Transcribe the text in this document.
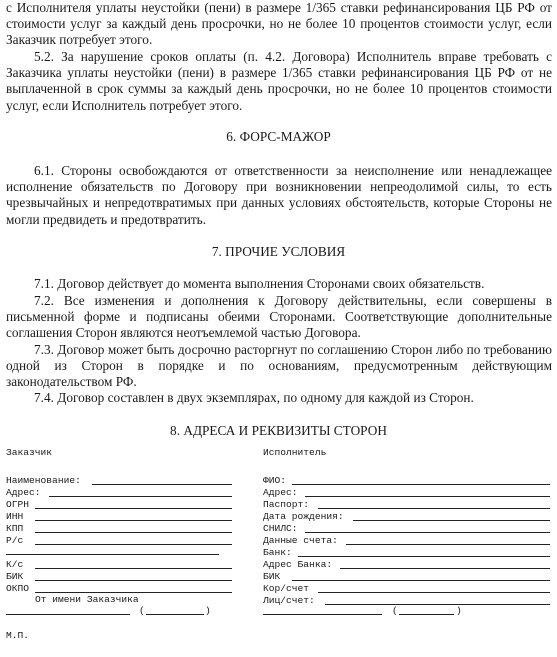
с Исполнителя уплаты неустойки (пени) в размере 1/365 ставки рефинансирования ЦБ РФ от стоимости услуг за каждый день просрочки, но не более 10 процентов стоимости услуг, если Заказчик потребует этого.

5.2. За нарушение сроков оплаты (п. 4.2. Договора) Исполнитель вправе требовать с Заказчика уплаты неустойки (пени) в размере 1/365 ставки рефинансирования ЦБ РФ от не выплаченной в срок суммы за каждый день просрочки, но не более 10 процентов стоимости услуг, если Исполнитель потребует этого.

6. ФОРС-МАЖОР

6.1. Стороны освобождаются от ответственности за неисполнение или ненадлежащее исполнение обязательств по Договору при возникновении непреодолимой силы, то есть чрезвычайных и непредотвратимых при данных условиях обстоятельств, которые Стороны не могли предвидеть и предотвратить.

7. ПРОЧИЕ УСЛОВИЯ

7.1. Договор действует до момента выполнения Сторонами своих обязательств.

7.2. Все изменения и дополнения к Договору действительны, если совершены в письменной форме и подписаны обеими Сторонами. Соответствующие дополнительные соглашения Сторон являются неотъемлемой частью Договора.

7.3. Договор может быть досрочно расторгнут по соглашению Сторон либо по требованию одной из Сторон в порядке и по основаниям, предусмотренным действующим законодательством РФ.

7.4. Договор составлен в двух экземплярах, по одному для каждой из Сторон.

8. АДРЕСА И РЕКВИЗИТЫ СТОРОН

Заказчик
Наименование:
Адрес:
ОГРН
ИНН
КПП
Р/с
К/с
БИК
ОКПО
От имени Заказчика
(	)
Исполнитель
ФИО:
Адрес:
Паспорт:
Дата рождения:
СНИЛС:
Данные счета:
Банк:
Адрес Банка:
БИК
Кор/счет
Лиц/счет:
(	)
М.П.
